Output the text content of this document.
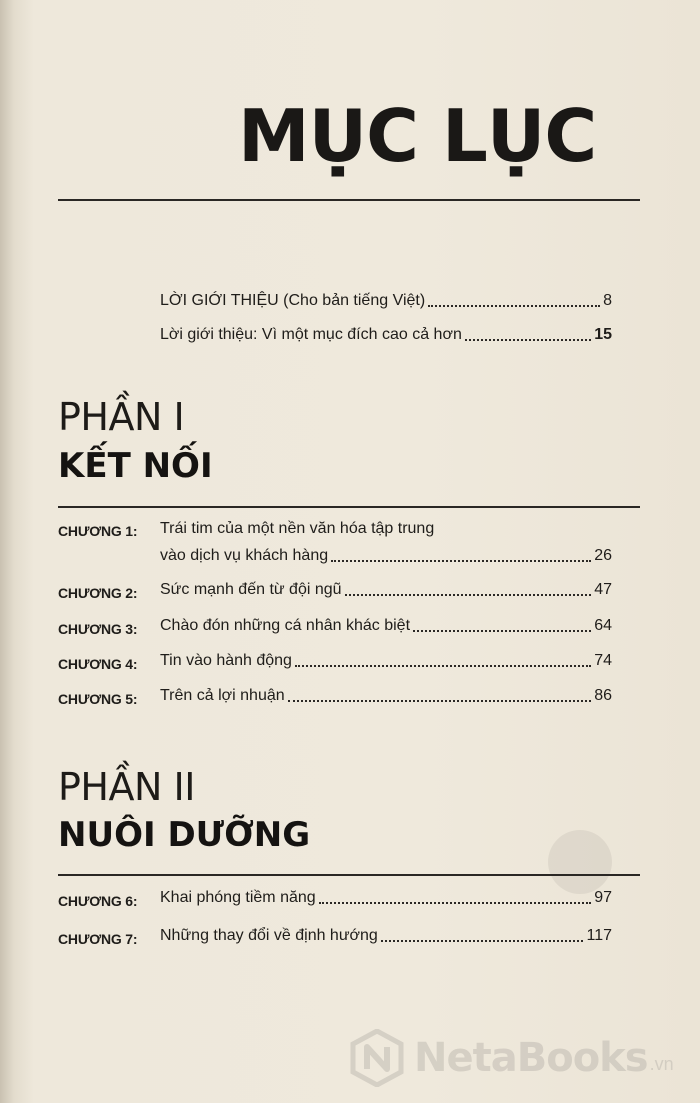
MỤC LỤC
LỜI GIỚI THIỆU (Cho bản tiếng Việt)	8
Lời giới thiệu: Vì một mục đích cao cả hơn	15
PHẦN I
KẾT NỐI
CHƯƠNG 1: Trái tim của một nền văn hóa tập trung
vào dịch vụ khách hàng	26
CHƯƠNG 2: Sức mạnh đến từ đội ngũ	47
CHƯƠNG 3: Chào đón những cá nhân khác biệt	64
CHƯƠNG 4: Tin vào hành động	74
CHƯƠNG 5: Trên cả lợi nhuận	86
PHẦN II
NUÔI DƯỠNG
CHƯƠNG 6: Khai phóng tiềm năng	97
CHƯƠNG 7: Những thay đổi về định hướng	117
NetaBooks .vn
